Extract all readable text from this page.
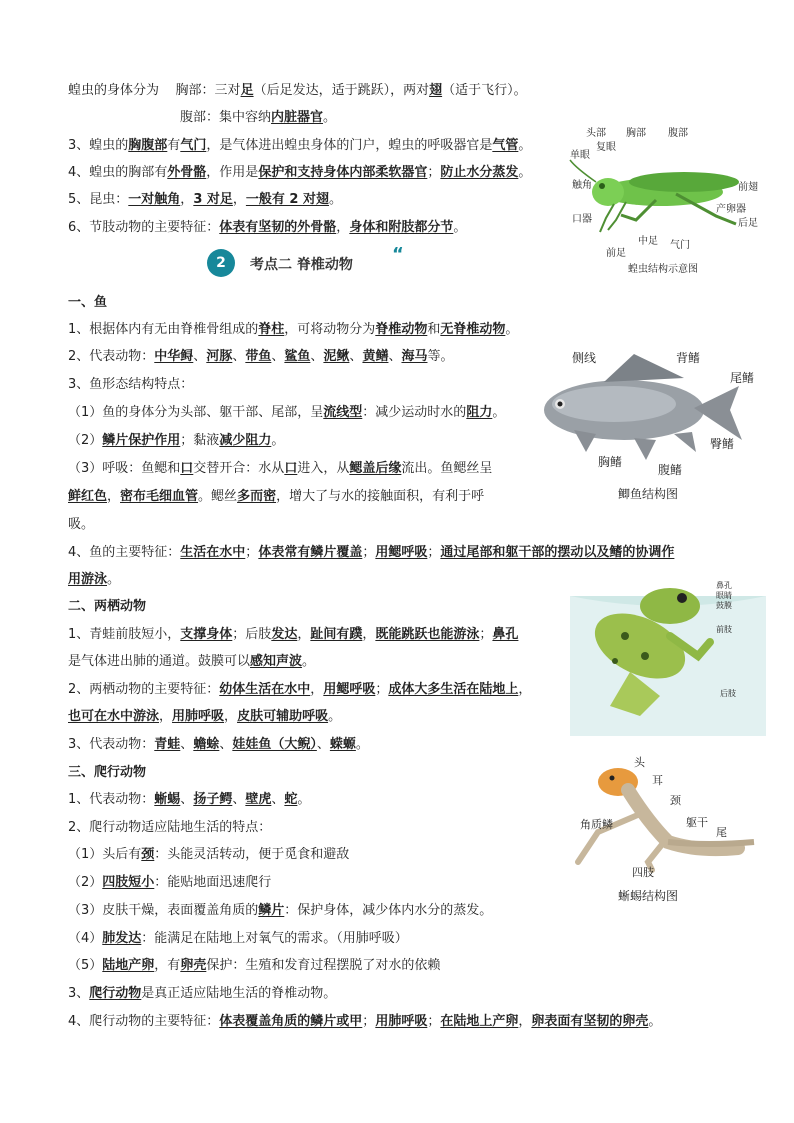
蝗虫的身体分为 胸部：三对足（后足发达，适于跳跃），两对翅（适于飞行）。
腹部：集中容纳内脏器官。
3、蝗虫的胸腹部有气门，是气体进出蝗虫身体的门户，蝗虫的呼吸器官是气管。
4、蝗虫的胸部有外骨骼，作用是保护和支持身体内部柔软器官；防止水分蒸发。
5、昆虫：一对触角，3 对足，一般有 2 对翅。
6、节肢动物的主要特征：体表有坚韧的外骨骼，身体和附肢都分节。
头部 胸部 腹部
单眼
复眼
触角
口器
前翅
产卵器
后足
中足 气门
前足
蝗虫结构示意图
2	考点二 脊椎动物 “
一、鱼
1、根据体内有无由脊椎骨组成的脊柱，可将动物分为脊椎动物和无脊椎动物。
2、代表动物：中华鲟、河豚、带鱼、鲨鱼、泥鳅、黄鳝、海马等。
3、鱼形态结构特点：
（1）鱼的身体分为头部、躯干部、尾部，呈流线型：减少运动时水的阻力。
（2）鳞片保护作用；黏液减少阻力。
（3）呼吸：鱼鳃和口交替开合：水从口进入，从鳃盖后缘流出。鱼鳃丝呈
鲜红色，密布毛细血管。鳃丝多而密，增大了与水的接触面积，有利于呼
吸。
4、鱼的主要特征：生活在水中；体表常有鳞片覆盖；用鳃呼吸；通过尾部和躯干部的摆动以及鳍的协调作
用游泳。
侧线	背鳍
尾鳍
臀鳍
胸鳍
腹鳍
鲫鱼结构图
二、两栖动物
1、青蛙前肢短小，支撑身体；后肢发达，趾间有蹼，既能跳跃也能游泳；鼻孔
是气体进出肺的通道。鼓膜可以感知声波。
2、两栖动物的主要特征：幼体生活在水中，用鳃呼吸；成体大多生活在陆地上，
也可在水中游泳，用肺呼吸，皮肤可辅助呼吸。
3、代表动物：青蛙、蟾蜍、娃娃鱼（大鲵）、蝾螈。
鼻孔
眼睛
鼓膜
前肢
后肢
三、爬行动物
1、代表动物：蜥蜴、扬子鳄、壁虎、蛇。
2、爬行动物适应陆地生活的特点：
（1）头后有颈：头能灵活转动，便于觅食和避敌
（2）四肢短小：能贴地面迅速爬行
（3）皮肤干燥，表面覆盖角质的鳞片：保护身体，减少体内水分的蒸发。
（4）肺发达：能满足在陆地上对氧气的需求。（用肺呼吸）
（5）陆地产卵，有卵壳保护：生殖和发育过程摆脱了对水的依赖
3、爬行动物是真正适应陆地生活的脊椎动物。
4、爬行动物的主要特征：体表覆盖角质的鳞片或甲；用肺呼吸；在陆地上产卵，卵表面有坚韧的卵壳。
头
耳
颈
角质鳞	躯干
尾
四肢
蜥蜴结构图
